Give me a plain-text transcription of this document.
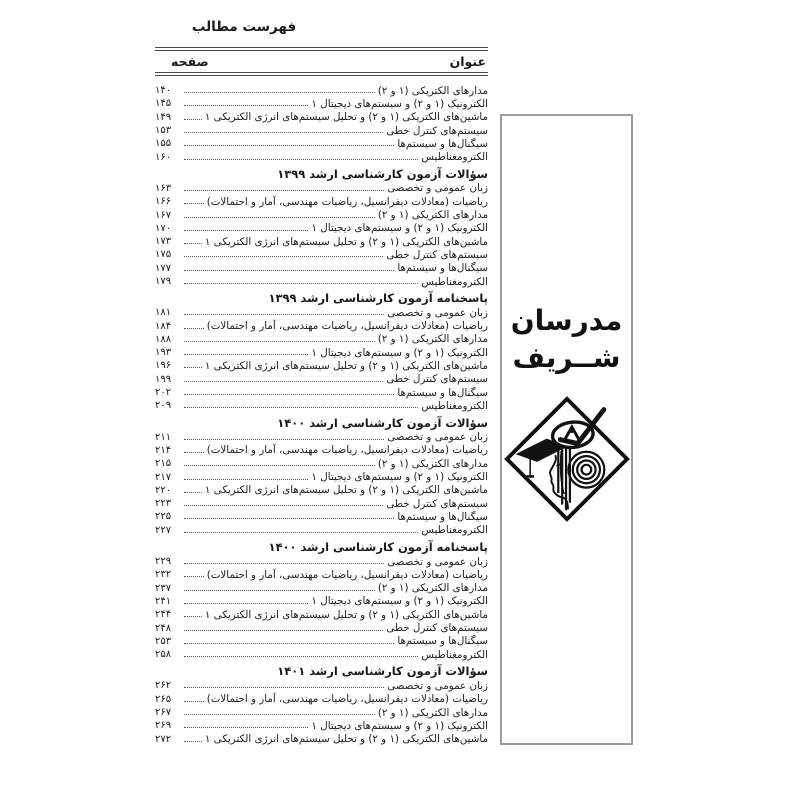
فهرست مطالب
عنوان
صفحه
مدارهای الکتریکی (۱ و ۲)
۱۴۰
الکترونیک (۱ و ۲) و سیستم‌های دیجیتال ۱
۱۴۵
ماشین‌های الکتریکی (۱ و ۲) و تحلیل سیستم‌های انرژی الکتریکی ۱
۱۴۹
سیستم‌های کنترل خطی
۱۵۳
سیگنال‌ها و سیستم‌ها
۱۵۵
الکترومغناطیس
۱۶۰
سؤالات آزمون کارشناسی ارشد ۱۳۹۹
زبان عمومی و تخصصی
۱۶۳
ریاضیات (معادلات دیفرانسیل، ریاضیات مهندسی، آمار و احتمالات)
۱۶۶
مدارهای الکتریکی (۱ و ۲)
۱۶۷
الکترونیک (۱ و ۲) و سیستم‌های دیجیتال ۱
۱۷۰
ماشین‌های الکتریکی (۱ و ۲) و تحلیل سیستم‌های انرژی الکتریکی ۱
۱۷۳
سیستم‌های کنترل خطی
۱۷۵
سیگنال‌ها و سیستم‌ها
۱۷۷
الکترومغناطیس
۱۷۹
پاسخنامه آزمون کارشناسی ارشد ۱۳۹۹
زبان عمومی و تخصصی
۱۸۱
ریاضیات (معادلات دیفرانسیل، ریاضیات مهندسی، آمار و احتمالات)
۱۸۴
مدارهای الکتریکی (۱ و ۲)
۱۸۸
الکترونیک (۱ و ۲) و سیستم‌های دیجیتال ۱
۱۹۳
ماشین‌های الکتریکی (۱ و ۲) و تحلیل سیستم‌های انرژی الکتریکی ۱
۱۹۶
سیستم‌های کنترل خطی
۱۹۹
سیگنال‌ها و سیستم‌ها
۲۰۲
الکترومغناطیس
۲۰۹
سؤالات آزمون کارشناسی ارشد ۱۴۰۰
زبان عمومی و تخصصی
۲۱۱
ریاضیات (معادلات دیفرانسیل، ریاضیات مهندسی، آمار و احتمالات)
۲۱۴
مدارهای الکتریکی (۱ و ۲)
۲۱۵
الکترونیک (۱ و ۲) و سیستم‌های دیجیتال ۱
۲۱۷
ماشین‌های الکتریکی (۱ و ۲) و تحلیل سیستم‌های انرژی الکتریکی ۱
۲۲۰
سیستم‌های کنترل خطی
۲۲۳
سیگنال‌ها و سیستم‌ها
۲۲۵
الکترومغناطیس
۲۲۷
پاسخنامه آزمون کارشناسی ارشد ۱۴۰۰
زبان عمومی و تخصصی
۲۲۹
ریاضیات (معادلات دیفرانسیل، ریاضیات مهندسی، آمار و احتمالات)
۲۳۲
مدارهای الکتریکی (۱ و ۲)
۲۳۷
الکترونیک (۱ و ۲) و سیستم‌های دیجیتال ۱
۲۴۱
ماشین‌های الکتریکی (۱ و ۲) و تحلیل سیستم‌های انرژی الکتریکی ۱
۲۴۴
سیستم‌های کنترل خطی
۲۴۸
سیگنال‌ها و سیستم‌ها
۲۵۳
الکترومغناطیس
۲۵۸
سؤالات آزمون کارشناسی ارشد ۱۴۰۱
زبان عمومی و تخصصی
۲۶۲
ریاضیات (معادلات دیفرانسیل، ریاضیات مهندسی، آمار و احتمالات)
۲۶۵
مدارهای الکتریکی (۱ و ۲)
۲۶۷
الکترونیک (۱ و ۲) و سیستم‌های دیجیتال ۱
۲۶۹
ماشین‌های الکتریکی (۱ و ۲) و تحلیل سیستم‌های انرژی الکتریکی ۱
۲۷۲
مدرسان
شــریف
